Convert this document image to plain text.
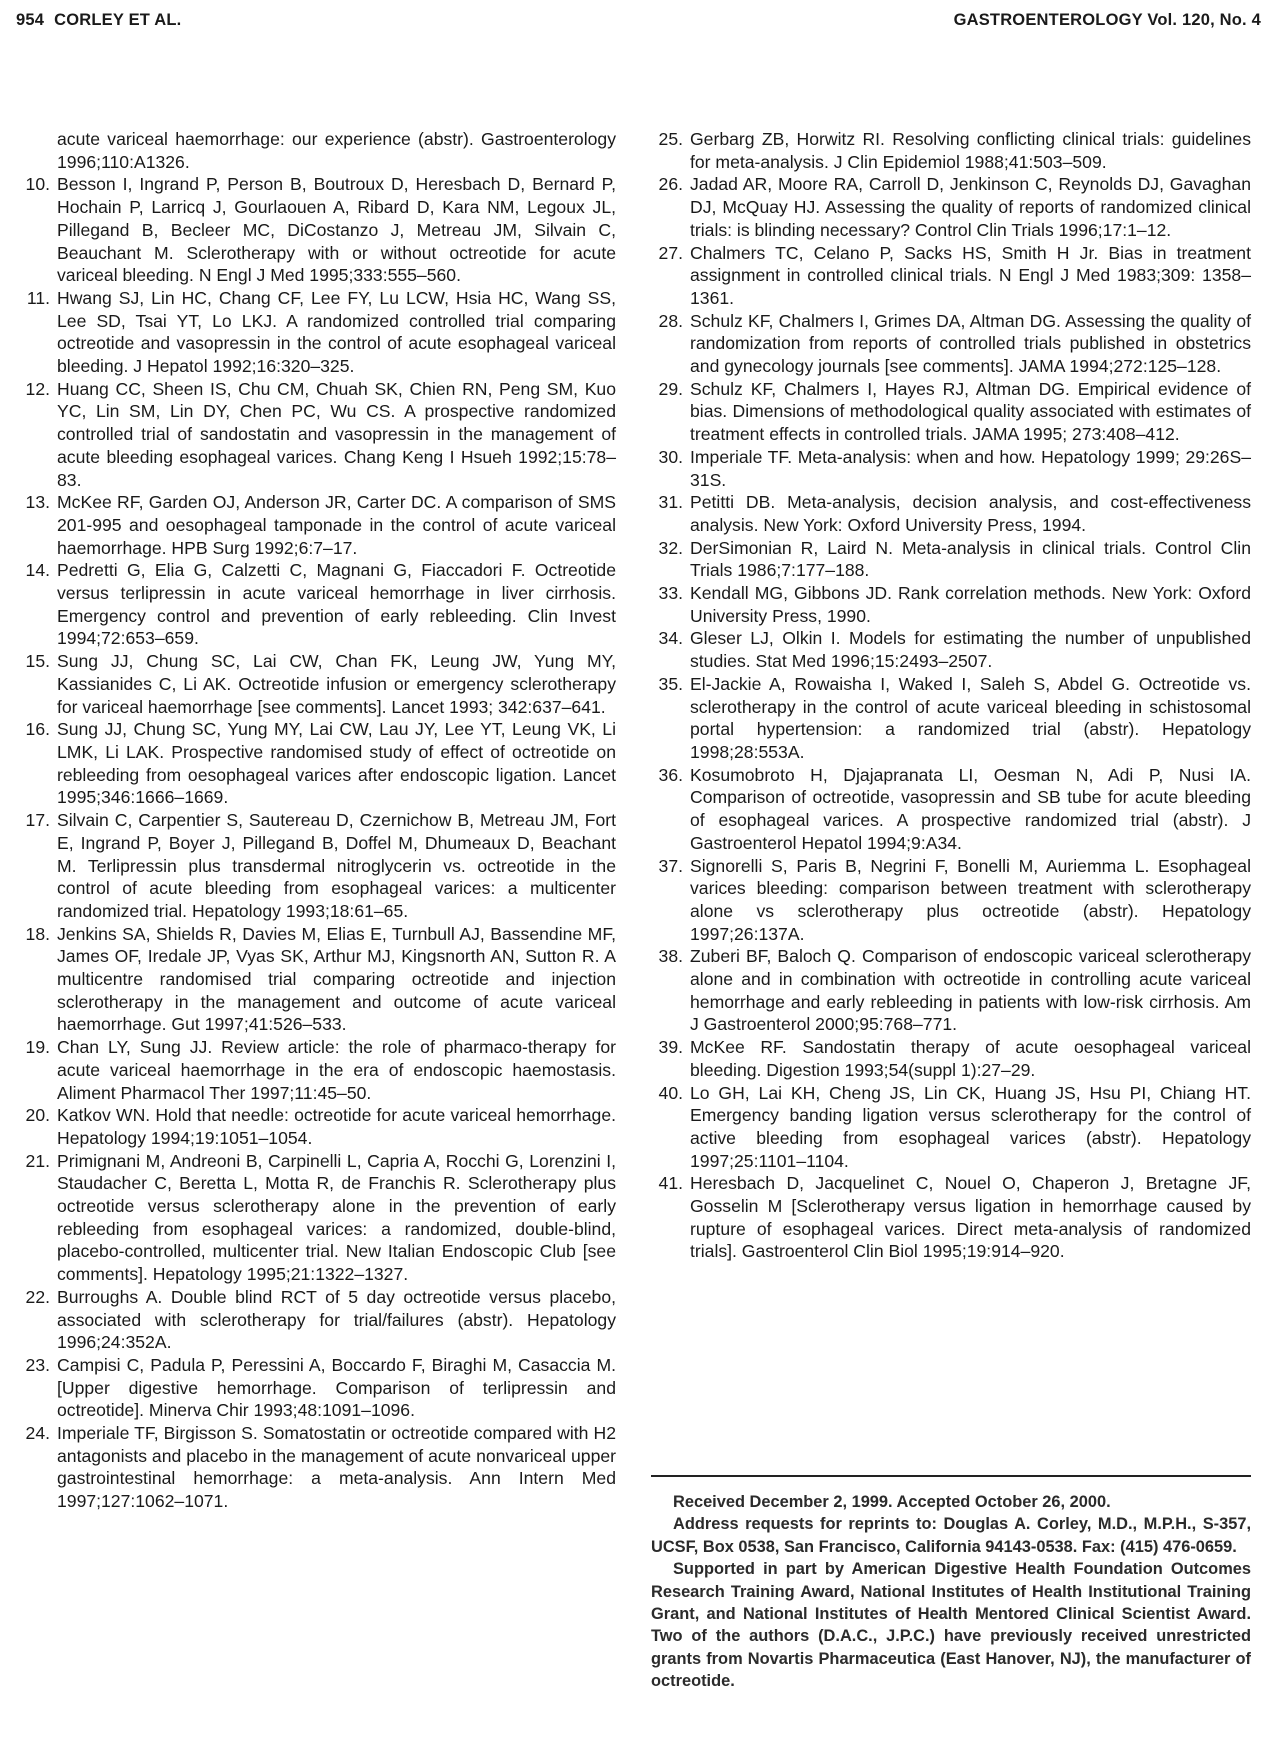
954 CORLEY ET AL.	GASTROENTEROLOGY Vol. 120, No. 4
acute variceal haemorrhage: our experience (abstr). Gastroenterology 1996;110:A1326.
10. Besson I, Ingrand P, Person B, Boutroux D, Heresbach D, Bernard P, Hochain P, Larricq J, Gourlaouen A, Ribard D, Kara NM, Legoux JL, Pillegand B, Becleer MC, DiCostanzo J, Metreau JM, Silvain C, Beauchant M. Sclerotherapy with or without octreotide for acute variceal bleeding. N Engl J Med 1995;333:555–560.
11. Hwang SJ, Lin HC, Chang CF, Lee FY, Lu LCW, Hsia HC, Wang SS, Lee SD, Tsai YT, Lo LKJ. A randomized controlled trial comparing octreotide and vasopressin in the control of acute esophageal variceal bleeding. J Hepatol 1992;16:320–325.
12. Huang CC, Sheen IS, Chu CM, Chuah SK, Chien RN, Peng SM, Kuo YC, Lin SM, Lin DY, Chen PC, Wu CS. A prospective randomized controlled trial of sandostatin and vasopressin in the management of acute bleeding esophageal varices. Chang Keng I Hsueh 1992;15:78–83.
13. McKee RF, Garden OJ, Anderson JR, Carter DC. A comparison of SMS 201-995 and oesophageal tamponade in the control of acute variceal haemorrhage. HPB Surg 1992;6:7–17.
14. Pedretti G, Elia G, Calzetti C, Magnani G, Fiaccadori F. Octreotide versus terlipressin in acute variceal hemorrhage in liver cirrhosis. Emergency control and prevention of early rebleeding. Clin Invest 1994;72:653–659.
15. Sung JJ, Chung SC, Lai CW, Chan FK, Leung JW, Yung MY, Kassianides C, Li AK. Octreotide infusion or emergency sclerotherapy for variceal haemorrhage [see comments]. Lancet 1993; 342:637–641.
16. Sung JJ, Chung SC, Yung MY, Lai CW, Lau JY, Lee YT, Leung VK, Li LMK, Li LAK. Prospective randomised study of effect of octreotide on rebleeding from oesophageal varices after endoscopic ligation. Lancet 1995;346:1666–1669.
17. Silvain C, Carpentier S, Sautereau D, Czernichow B, Metreau JM, Fort E, Ingrand P, Boyer J, Pillegand B, Doffel M, Dhumeaux D, Beachant M. Terlipressin plus transdermal nitroglycerin vs. octreotide in the control of acute bleeding from esophageal varices: a multicenter randomized trial. Hepatology 1993;18:61–65.
18. Jenkins SA, Shields R, Davies M, Elias E, Turnbull AJ, Bassendine MF, James OF, Iredale JP, Vyas SK, Arthur MJ, Kingsnorth AN, Sutton R. A multicentre randomised trial comparing octreotide and injection sclerotherapy in the management and outcome of acute variceal haemorrhage. Gut 1997;41:526–533.
19. Chan LY, Sung JJ. Review article: the role of pharmaco-therapy for acute variceal haemorrhage in the era of endoscopic haemostasis. Aliment Pharmacol Ther 1997;11:45–50.
20. Katkov WN. Hold that needle: octreotide for acute variceal hemorrhage. Hepatology 1994;19:1051–1054.
21. Primignani M, Andreoni B, Carpinelli L, Capria A, Rocchi G, Lorenzini I, Staudacher C, Beretta L, Motta R, de Franchis R. Sclerotherapy plus octreotide versus sclerotherapy alone in the prevention of early rebleeding from esophageal varices: a randomized, double-blind, placebo-controlled, multicenter trial. New Italian Endoscopic Club [see comments]. Hepatology 1995;21:1322–1327.
22. Burroughs A. Double blind RCT of 5 day octreotide versus placebo, associated with sclerotherapy for trial/failures (abstr). Hepatology 1996;24:352A.
23. Campisi C, Padula P, Peressini A, Boccardo F, Biraghi M, Casaccia M. [Upper digestive hemorrhage. Comparison of terlipressin and octreotide]. Minerva Chir 1993;48:1091–1096.
24. Imperiale TF, Birgisson S. Somatostatin or octreotide compared with H2 antagonists and placebo in the management of acute nonvariceal upper gastrointestinal hemorrhage: a meta-analysis. Ann Intern Med 1997;127:1062–1071.
25. Gerbarg ZB, Horwitz RI. Resolving conflicting clinical trials: guidelines for meta-analysis. J Clin Epidemiol 1988;41:503–509.
26. Jadad AR, Moore RA, Carroll D, Jenkinson C, Reynolds DJ, Gavaghan DJ, McQuay HJ. Assessing the quality of reports of randomized clinical trials: is blinding necessary? Control Clin Trials 1996;17:1–12.
27. Chalmers TC, Celano P, Sacks HS, Smith H Jr. Bias in treatment assignment in controlled clinical trials. N Engl J Med 1983;309: 1358–1361.
28. Schulz KF, Chalmers I, Grimes DA, Altman DG. Assessing the quality of randomization from reports of controlled trials published in obstetrics and gynecology journals [see comments]. JAMA 1994;272:125–128.
29. Schulz KF, Chalmers I, Hayes RJ, Altman DG. Empirical evidence of bias. Dimensions of methodological quality associated with estimates of treatment effects in controlled trials. JAMA 1995; 273:408–412.
30. Imperiale TF. Meta-analysis: when and how. Hepatology 1999; 29:26S–31S.
31. Petitti DB. Meta-analysis, decision analysis, and cost-effectiveness analysis. New York: Oxford University Press, 1994.
32. DerSimonian R, Laird N. Meta-analysis in clinical trials. Control Clin Trials 1986;7:177–188.
33. Kendall MG, Gibbons JD. Rank correlation methods. New York: Oxford University Press, 1990.
34. Gleser LJ, Olkin I. Models for estimating the number of unpublished studies. Stat Med 1996;15:2493–2507.
35. El-Jackie A, Rowaisha I, Waked I, Saleh S, Abdel G. Octreotide vs. sclerotherapy in the control of acute variceal bleeding in schistosomal portal hypertension: a randomized trial (abstr). Hepatology 1998;28:553A.
36. Kosumobroto H, Djajapranata LI, Oesman N, Adi P, Nusi IA. Comparison of octreotide, vasopressin and SB tube for acute bleeding of esophageal varices. A prospective randomized trial (abstr). J Gastroenterol Hepatol 1994;9:A34.
37. Signorelli S, Paris B, Negrini F, Bonelli M, Auriemma L. Esophageal varices bleeding: comparison between treatment with sclerotherapy alone vs sclerotherapy plus octreotide (abstr). Hepatology 1997;26:137A.
38. Zuberi BF, Baloch Q. Comparison of endoscopic variceal sclerotherapy alone and in combination with octreotide in controlling acute variceal hemorrhage and early rebleeding in patients with low-risk cirrhosis. Am J Gastroenterol 2000;95:768–771.
39. McKee RF. Sandostatin therapy of acute oesophageal variceal bleeding. Digestion 1993;54(suppl 1):27–29.
40. Lo GH, Lai KH, Cheng JS, Lin CK, Huang JS, Hsu PI, Chiang HT. Emergency banding ligation versus sclerotherapy for the control of active bleeding from esophageal varices (abstr). Hepatology 1997;25:1101–1104.
41. Heresbach D, Jacquelinet C, Nouel O, Chaperon J, Bretagne JF, Gosselin M [Sclerotherapy versus ligation in hemorrhage caused by rupture of esophageal varices. Direct meta-analysis of randomized trials]. Gastroenterol Clin Biol 1995;19:914–920.

Received December 2, 1999. Accepted October 26, 2000.

Address requests for reprints to: Douglas A. Corley, M.D., M.P.H., S-357, UCSF, Box 0538, San Francisco, California 94143-0538. Fax: (415) 476-0659.

Supported in part by American Digestive Health Foundation Outcomes Research Training Award, National Institutes of Health Institutional Training Grant, and National Institutes of Health Mentored Clinical Scientist Award. Two of the authors (D.A.C., J.P.C.) have previously received unrestricted grants from Novartis Pharmaceutica (East Hanover, NJ), the manufacturer of octreotide.
